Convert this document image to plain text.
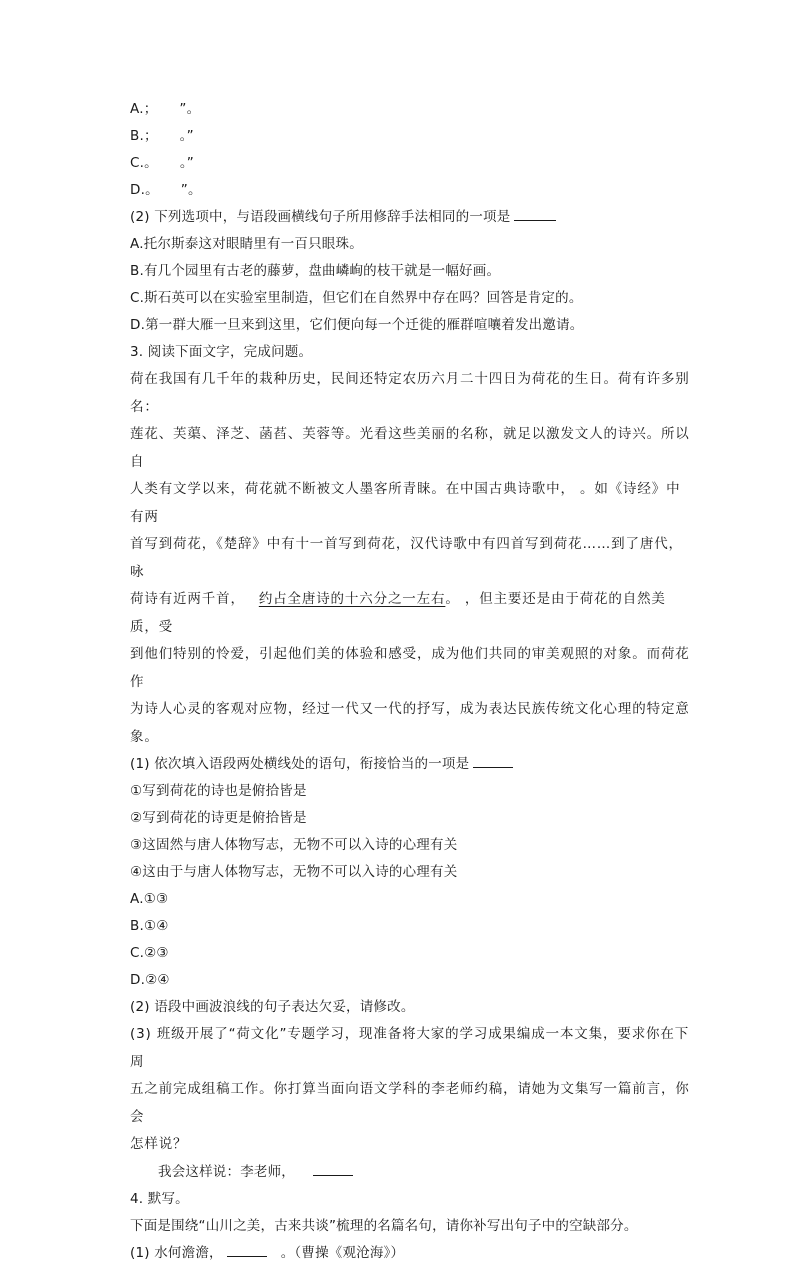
A.； ”。
B.； 。”
C.。 。”
D.。 ”。
(2) 下列选项中，与语段画横线句子所用修辞手法相同的一项是
A.托尔斯泰这对眼睛里有一百只眼珠。
B.有几个园里有古老的藤萝，盘曲嶙峋的枝干就是一幅好画。
C.斯石英可以在实验室里制造，但它们在自然界中存在吗？回答是肯定的。
D.第一群大雁一旦来到这里，它们便向每一个迁徙的雁群喧嚷着发出邀请。
3. 阅读下面文字，完成问题。
荷在我国有几千年的栽种历史，民间还特定农历六月二十四日为荷花的生日。荷有许多别名：
莲花、芙蕖、泽芝、菡萏、芙蓉等。光看这些美丽的名称，就足以激发文人的诗兴。所以自
人类有文学以来，荷花就不断被文人墨客所青睐。在中国古典诗歌中， 。如《诗经》中有两
首写到荷花，《楚辞》中有十一首写到荷花，汉代诗歌中有四首写到荷花……到了唐代，咏
荷诗有近两千首， 约占全唐诗的十六分之一左右。 ，但主要还是由于荷花的自然美质，受
到他们特别的怜爱，引起他们美的体验和感受，成为他们共同的审美观照的对象。而荷花作
为诗人心灵的客观对应物，经过一代又一代的抒写，成为表达民族传统文化心理的特定意象。
(1) 依次填入语段两处横线处的语句，衔接恰当的一项是
①写到荷花的诗也是俯拾皆是
②写到荷花的诗更是俯拾皆是
③这固然与唐人体物写志，无物不可以入诗的心理有关
④这由于与唐人体物写志，无物不可以入诗的心理有关
A.①③
B.①④
C.②③
D.②④
(2) 语段中画波浪线的句子表达欠妥，请修改。
(3) 班级开展了“荷文化”专题学习，现准备将大家的学习成果编成一本文集，要求你在下周
五之前完成组稿工作。你打算当面向语文学科的李老师约稿，请她为文集写一篇前言，你会
怎样说？
我会这样说：李老师，
4. 默写。
下面是围绕“山川之美，古来共谈”梳理的名篇名句，请你补写出句子中的空缺部分。
(1) 水何澹澹，	。（曹操《观沧海》）
